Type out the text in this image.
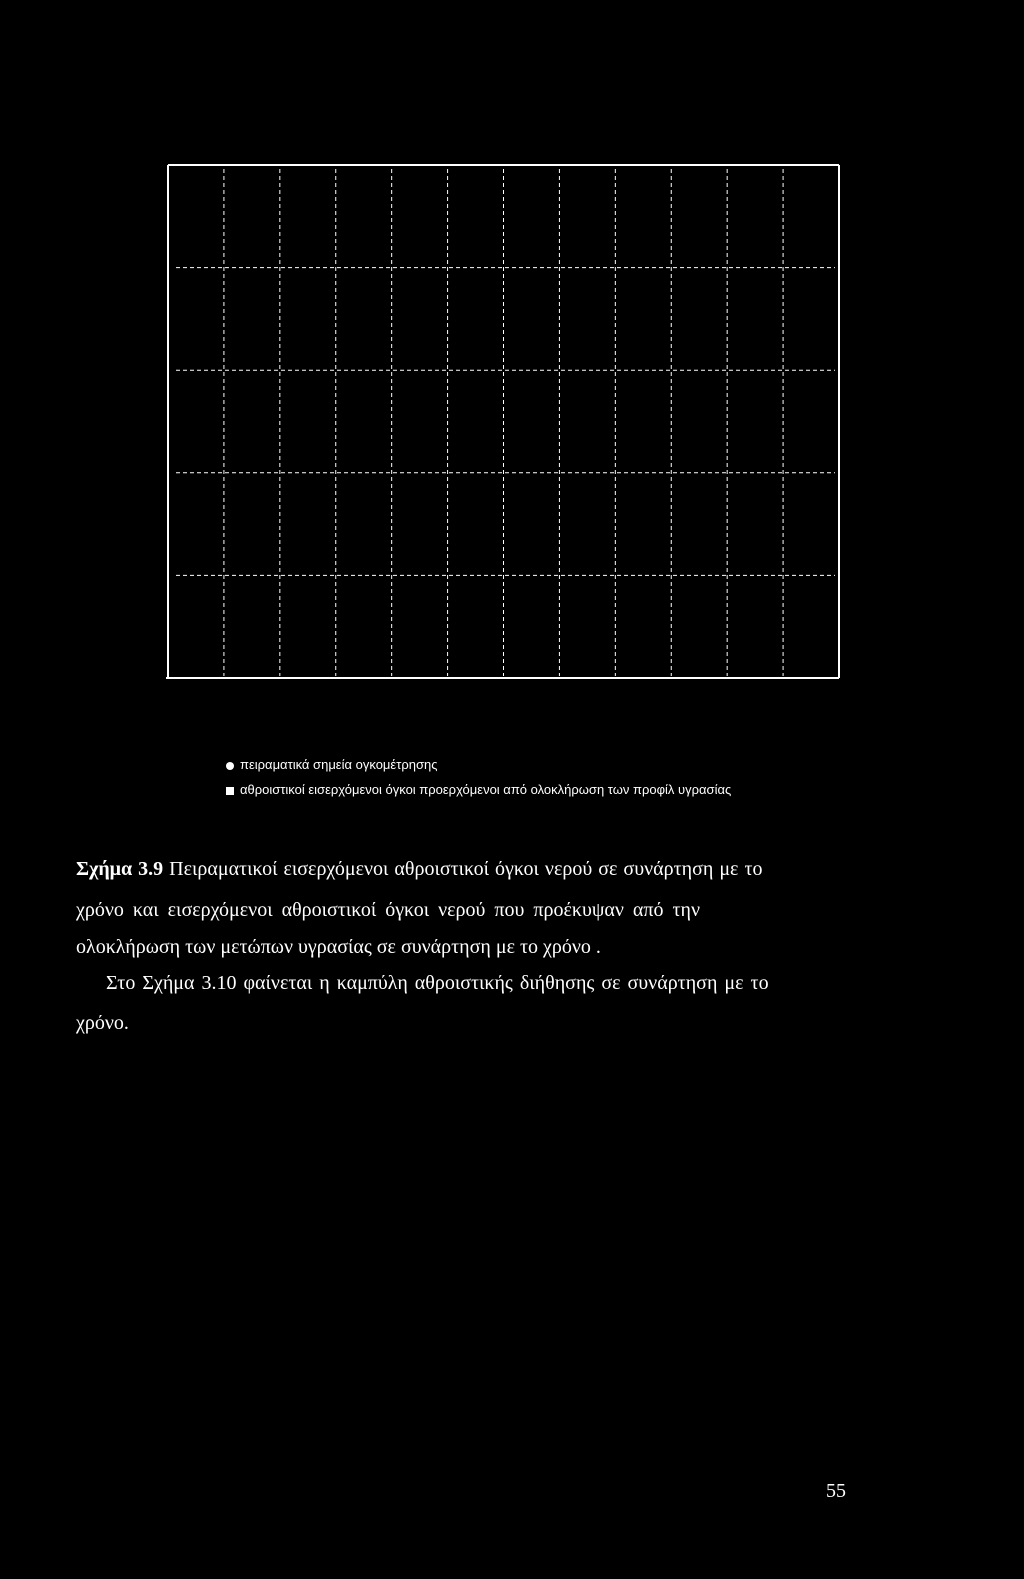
πειραματικά σημεία ογκομέτρησης
αθροιστικοί εισερχόμενοι όγκοι προερχόμενοι από ολοκλήρωση των προφίλ υγρασίας
Σχήμα 3.9 Πειραματικοί εισερχόμενοι αθροιστικοί όγκοι νερού σε συνάρτηση με το
χρόνο και εισερχόμενοι αθροιστικοί όγκοι νερού που προέκυψαν από την
ολοκλήρωση των μετώπων υγρασίας σε συνάρτηση με το χρόνο .
Στο Σχήμα 3.10 φαίνεται η καμπύλη αθροιστικής διήθησης σε συνάρτηση με το
χρόνο.
55
